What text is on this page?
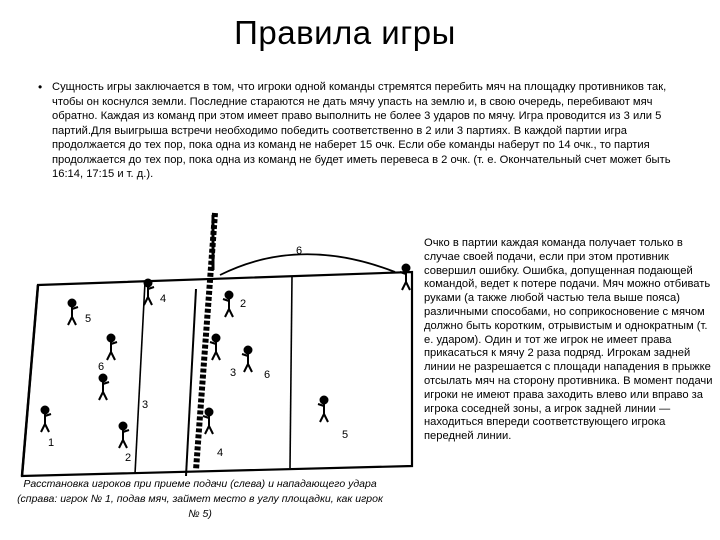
Правила игры
• Сущность игры заключается в том, что игроки одной команды стремятся перебить мяч на площадку противников так, чтобы он коснулся земли. Последние стараются не дать мячу упасть на землю и, в свою очередь, перебивают мяч обратно. Каждая из команд при этом имеет право выполнить не более 3 ударов по мячу. Игра проводится из 3 или 5 партий.Для выигрыша встречи необходимо победить соответственно в 2 или 3 партиях. В каждой партии игра продолжается до тех пор, пока одна из команд не наберет 15 очк. Если обе команды наберут по 14 очк., то партия продолжается до тех пор, пока одна из команд не будет иметь перевеса в 2 очк. (т. е. Окончательный счет может быть 16:14, 17:15 и т. д.).
Очко в партии каждая команда получает только в случае своей подачи, если при этом противник совершил ошибку. Ошибка, допущенная подающей командой, ведет к потере подачи. Мяч можно отбивать руками (а также любой частью тела выше пояса) различными способами, но соприкосновение с мячом должно быть коротким, отрывистым и однократным (т. е. ударом). Один и тот же игрок не имеет права прикасаться к мячу 2 раза подряд. Игрокам задней линии не разрешается с площади нападения в прыжке отсылать мяч на сторону противника. В момент подачи игроки не имеют права заходить влево или вправо за игрока соседней зоны, а игрок задней линии — находиться впереди соответствующего игрока передней линии.
Расстановка игроков при приеме подачи (слева) и нападающего удара (справа: игрок № 1, подав мяч, займет место в углу площадки, как игрок № 5)
4
5
6
3
1
2
2
3	6
4
5
6
